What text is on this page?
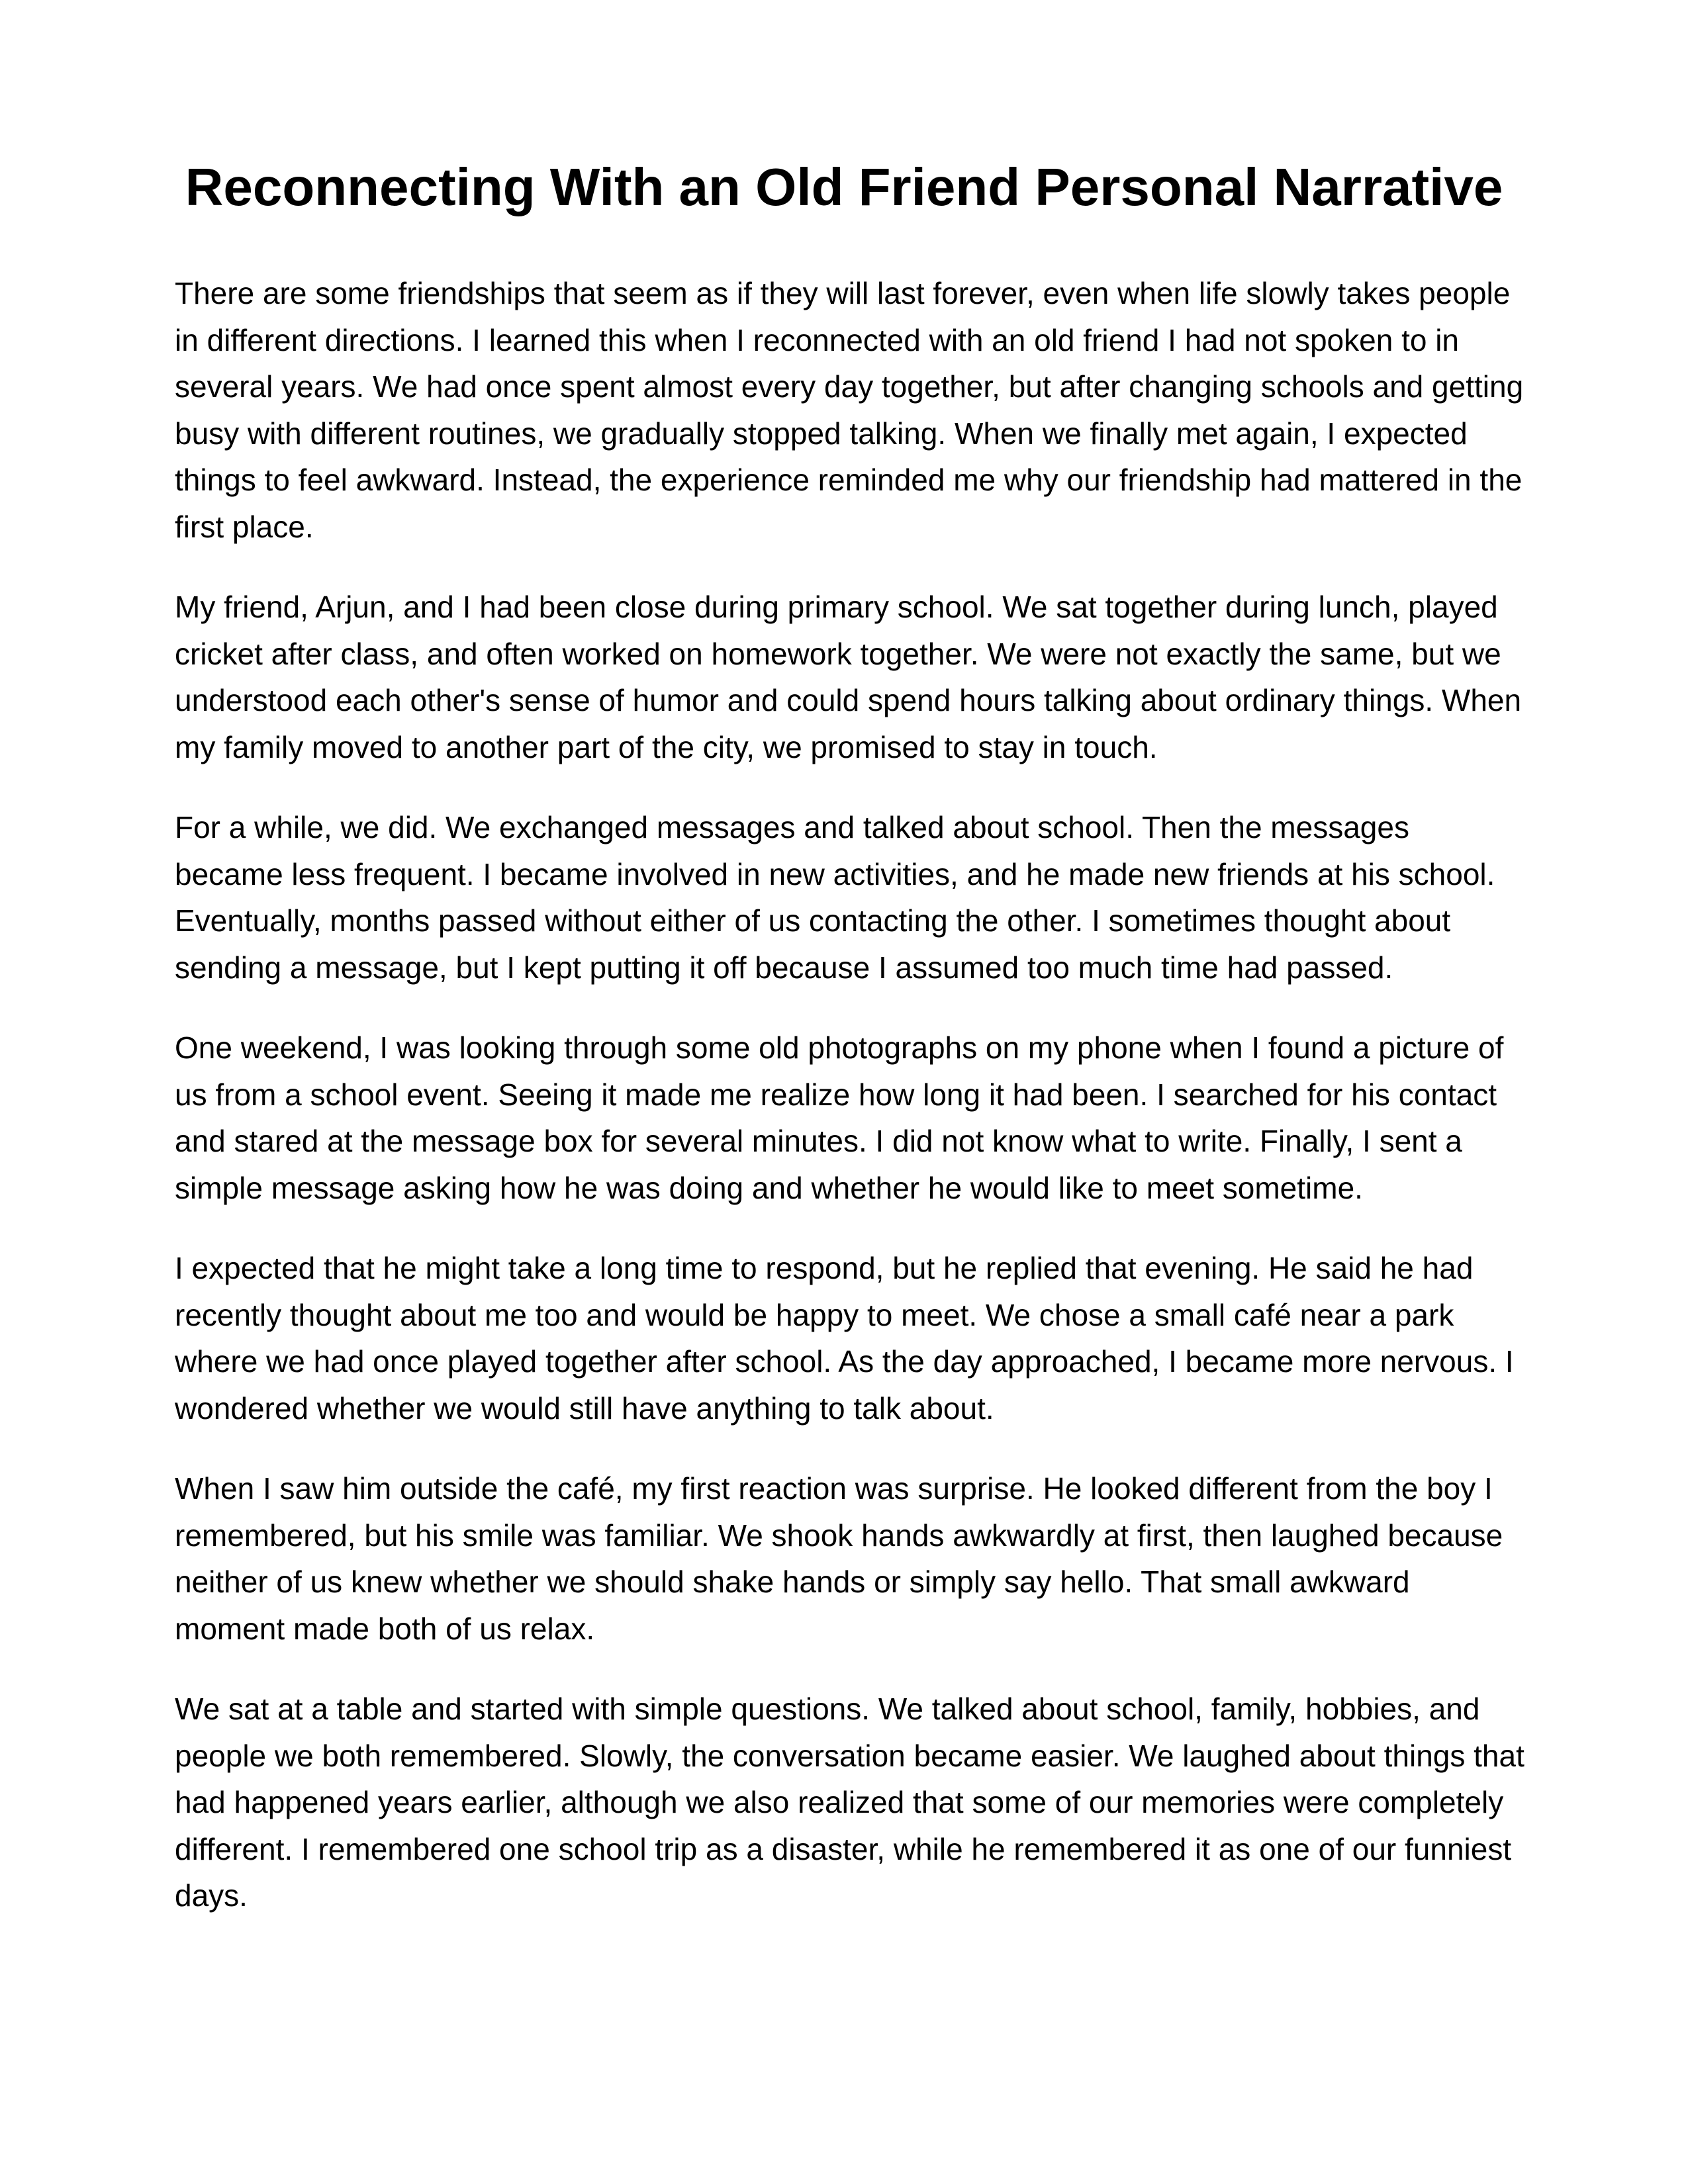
Reconnecting With an Old Friend Personal Narrative

There are some friendships that seem as if they will last forever, even when life slowly takes people in different directions. I learned this when I reconnected with an old friend I had not spoken to in several years. We had once spent almost every day together, but after changing schools and getting busy with different routines, we gradually stopped talking. When we finally met again, I expected things to feel awkward. Instead, the experience reminded me why our friendship had mattered in the first place.

My friend, Arjun, and I had been close during primary school. We sat together during lunch, played cricket after class, and often worked on homework together. We were not exactly the same, but we understood each other's sense of humor and could spend hours talking about ordinary things. When my family moved to another part of the city, we promised to stay in touch.

For a while, we did. We exchanged messages and talked about school. Then the messages became less frequent. I became involved in new activities, and he made new friends at his school. Eventually, months passed without either of us contacting the other. I sometimes thought about sending a message, but I kept putting it off because I assumed too much time had passed.

One weekend, I was looking through some old photographs on my phone when I found a picture of us from a school event. Seeing it made me realize how long it had been. I searched for his contact and stared at the message box for several minutes. I did not know what to write. Finally, I sent a simple message asking how he was doing and whether he would like to meet sometime.

I expected that he might take a long time to respond, but he replied that evening. He said he had recently thought about me too and would be happy to meet. We chose a small café near a park where we had once played together after school. As the day approached, I became more nervous. I wondered whether we would still have anything to talk about.

When I saw him outside the café, my first reaction was surprise. He looked different from the boy I remembered, but his smile was familiar. We shook hands awkwardly at first, then laughed because neither of us knew whether we should shake hands or simply say hello. That small awkward moment made both of us relax.

We sat at a table and started with simple questions. We talked about school, family, hobbies, and people we both remembered. Slowly, the conversation became easier. We laughed about things that had happened years earlier, although we also realized that some of our memories were completely different. I remembered one school trip as a disaster, while he remembered it as one of our funniest days.
